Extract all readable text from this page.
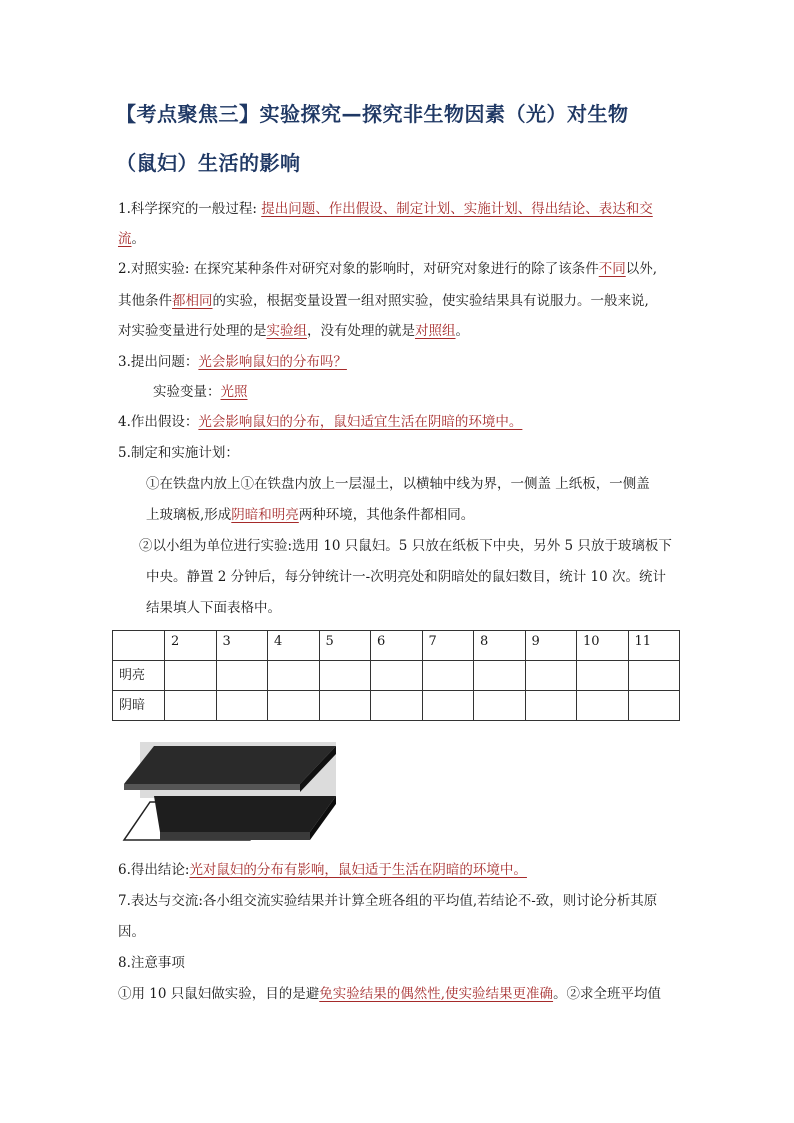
【考点聚焦三】实验探究—探究非生物因素（光）对生物
（鼠妇）生活的影响
1.科学探究的一般过程: 提出问题、作出假设、制定计划、实施计划、得出结论、表达和交
流。
2.对照实验: 在探究某种条件对研究对象的影响时，对研究对象进行的除了该条件不同以外,
其他条件都相同的实验，根据变量设置一组对照实验，使实验结果具有说服力。一般来说,
对实验变量进行处理的是实验组，没有处理的就是对照组。
3.提出问题：光会影响鼠妇的分布吗？
实验变量：光照
4.作出假设：光会影响鼠妇的分布，鼠妇适宜生活在阴暗的环境中。
5.制定和实施计划：
①在铁盘内放上①在铁盘内放上一层湿土，以横轴中线为界，一侧盖 上纸板，一侧盖
上玻璃板,形成阴暗和明亮两种环境，其他条件都相同。
②以小组为单位进行实验:选用 10 只鼠妇。5 只放在纸板下中央，另外 5 只放于玻璃板下
中央。静置 2 分钟后，每分钟统计一-次明亮处和阴暗处的鼠妇数目，统计 10 次。统计
结果填人下面表格中。
	2	3	4	5	6	7	8	9	10	11
明亮										
阴暗										
6.得出结论:光对鼠妇的分布有影响，鼠妇适于生活在阴暗的环境中。
7.表达与交流:各小组交流实验结果并计算全班各组的平均值,若结论不-致，则讨论分析其原
因。
8.注意事项
①用 10 只鼠妇做实验，目的是避免实验结果的偶然性,使实验结果更准确。②求全班平均值
